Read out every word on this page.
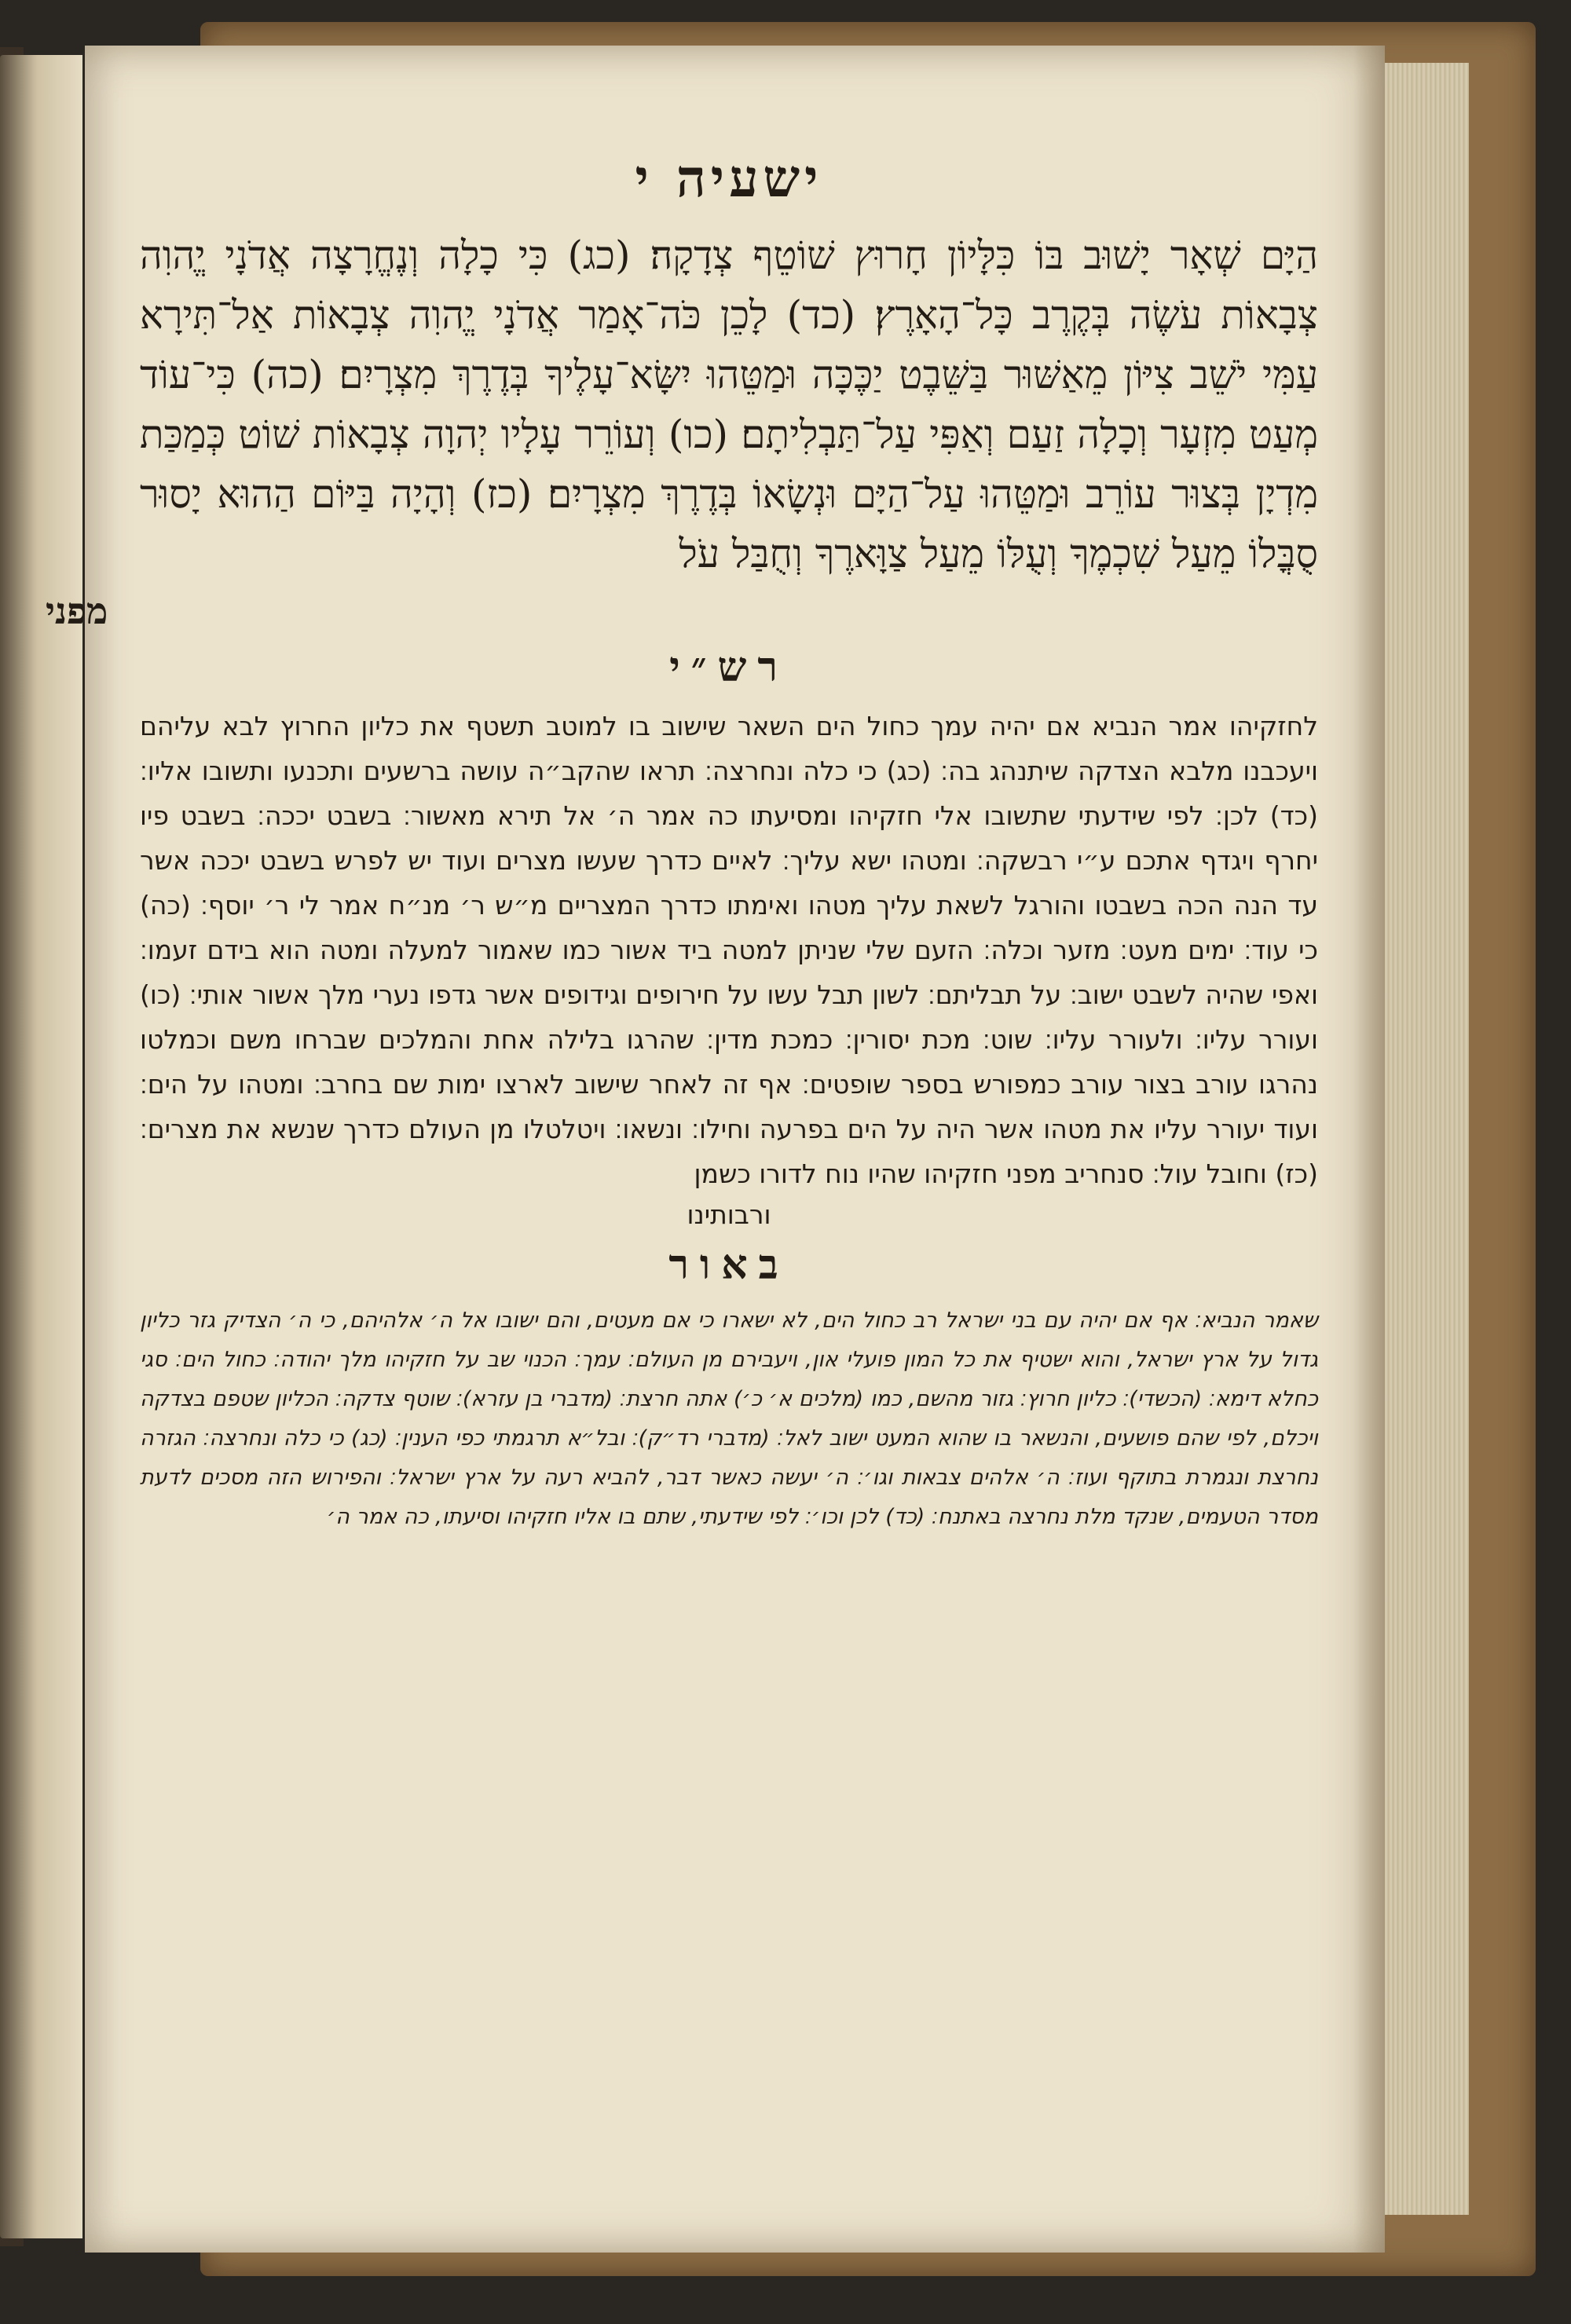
ישעיה י
הַיָּם שְׁאָר יָשׁוּב בּוֹ כִּלָּיוֹן חָרוּץ שׁוֹטֵף צְדָקָה׃ (כג) כִּי כָלָה וְנֶחֱרָצָה אֲדֹנָי יֱהוִה צְבָאוֹת עֹשֶׂה בְּקֶרֶב כָּל־הָאָרֶץ׃ (כד) לָכֵן כֹּה־אָמַר אֲדֹנָי יֱהוִה צְבָאוֹת אַל־תִּירָא עַמִּי יֹשֵׁב צִיּוֹן מֵאַשּׁוּר בַּשֵּׁבֶט יַכֶּכָּה וּמַטֵּהוּ יִשָּׂא־עָלֶיךָ בְּדֶרֶךְ מִצְרָיִם׃ (כה) כִּי־עוֹד מְעַט מִזְעָר וְכָלָה זַעַם וְאַפִּי עַל־תַּבְלִיתָם׃ (כו) וְעוֹרֵר עָלָיו יְהוָה צְבָאוֹת שׁוֹט כְּמַכַּת מִדְיָן בְּצוּר עוֹרֵב וּמַטֵּהוּ עַל־הַיָּם וּנְשָׂאוֹ בְּדֶרֶךְ מִצְרָיִם׃ (כז) וְהָיָה בַּיּוֹם הַהוּא יָסוּר סֻבֳּלוֹ מֵעַל שִׁכְמֶךָ וְעֻלּוֹ מֵעַל צַוָּארֶךָ וְחֻבַּל עֹל
מפני
רש״י
לחזקיהו אמר הנביא אם יהיה עמך כחול הים השאר שישוב בו למוטב תשטף את כליון החרוץ לבא עליהם ויעכבנו מלבא הצדקה שיתנהג בה׃ (כג) כי כלה ונחרצה׃ תראו שהקב״ה עושה ברשעים ותכנעו ותשובו אליו׃ (כד) לכן׃ לפי שידעתי שתשובו אלי חזקיהו ומסיעתו כה אמר ה׳ אל תירא מאשור׃ בשבט יככה׃ בשבט פיו יחרף ויגדף אתכם ע״י רבשקה׃ ומטהו ישא עליך׃ לאיים כדרך שעשו מצרים ועוד יש לפרש בשבט יככה אשר עד הנה הכה בשבטו והורגל לשאת עליך מטהו ואימתו כדרך המצריים מ״ש ר׳ מנ״ח אמר לי ר׳ יוסף׃ (כה) כי עוד׃ ימים מעט׃ מזער וכלה׃ הזעם שלי שניתן למטה ביד אשור כמו שאמור למעלה ומטה הוא בידם זעמו׃ ואפי שהיה לשבט ישוב׃ על תבליתם׃ לשון תבל עשו על חירופים וגידופים אשר גדפו נערי מלך אשור אותי׃ (כו) ועורר עליו׃ ולעורר עליו׃ שוט׃ מכת יסורין׃ כמכת מדין׃ שהרגו בלילה אחת והמלכים שברחו משם וכמלטו נהרגו עורב בצור עורב כמפורש בספר שופטים׃ אף זה לאחר שישוב לארצו ימות שם בחרב׃ ומטהו על הים׃ ועוד יעורר עליו את מטהו אשר היה על הים בפרעה וחילו׃ ונשאו׃ ויטלטלו מן העולם כדרך שנשא את מצרים׃ (כז) וחובל עול׃ סנחריב מפני חזקיהו שהיו נוח לדורו כשמן
ורבותינו
באור
שאמר הנביא׃ אף אם יהיה עם בני ישראל רב כחול הים, לא ישארו כי אם מעטים, והם ישובו אל ה׳ אלהיהם, כי ה׳ הצדיק גזר כליון גדול על ארץ ישראל, והוא ישטיף את כל המון פועלי און, ויעבירם מן העולם׃ עמך׃ הכנוי שב על חזקיהו מלך יהודה׃ כחול הים׃ סגי כחלא דימא׃ (הכשדי)׃ כליון חרוץ׃ גזור מהשם, כמו (מלכים א׳ כ׳) אתה חרצת׃ (מדברי בן עזרא)׃ שוטף צדקה׃ הכליון שטפם בצדקה ויכלם, לפי שהם פושעים, והנשאר בו שהוא המעט ישוב לאל׃ (מדברי רד״ק)׃ ובל״א תרגמתי כפי הענין׃ (כג) כי כלה ונחרצה׃ הגזרה נחרצת ונגמרת בתוקף ועוז׃ ה׳ אלהים צבאות וגו׳׃ ה׳ יעשה כאשר דבר, להביא רעה על ארץ ישראל׃ והפירוש הזה מסכים לדעת מסדר הטעמים, שנקד מלת נחרצה באתנח׃ (כד) לכן וכו׳׃ לפי שידעתי, שתם בו אליו חזקיהו וסיעתו, כה אמר ה׳
